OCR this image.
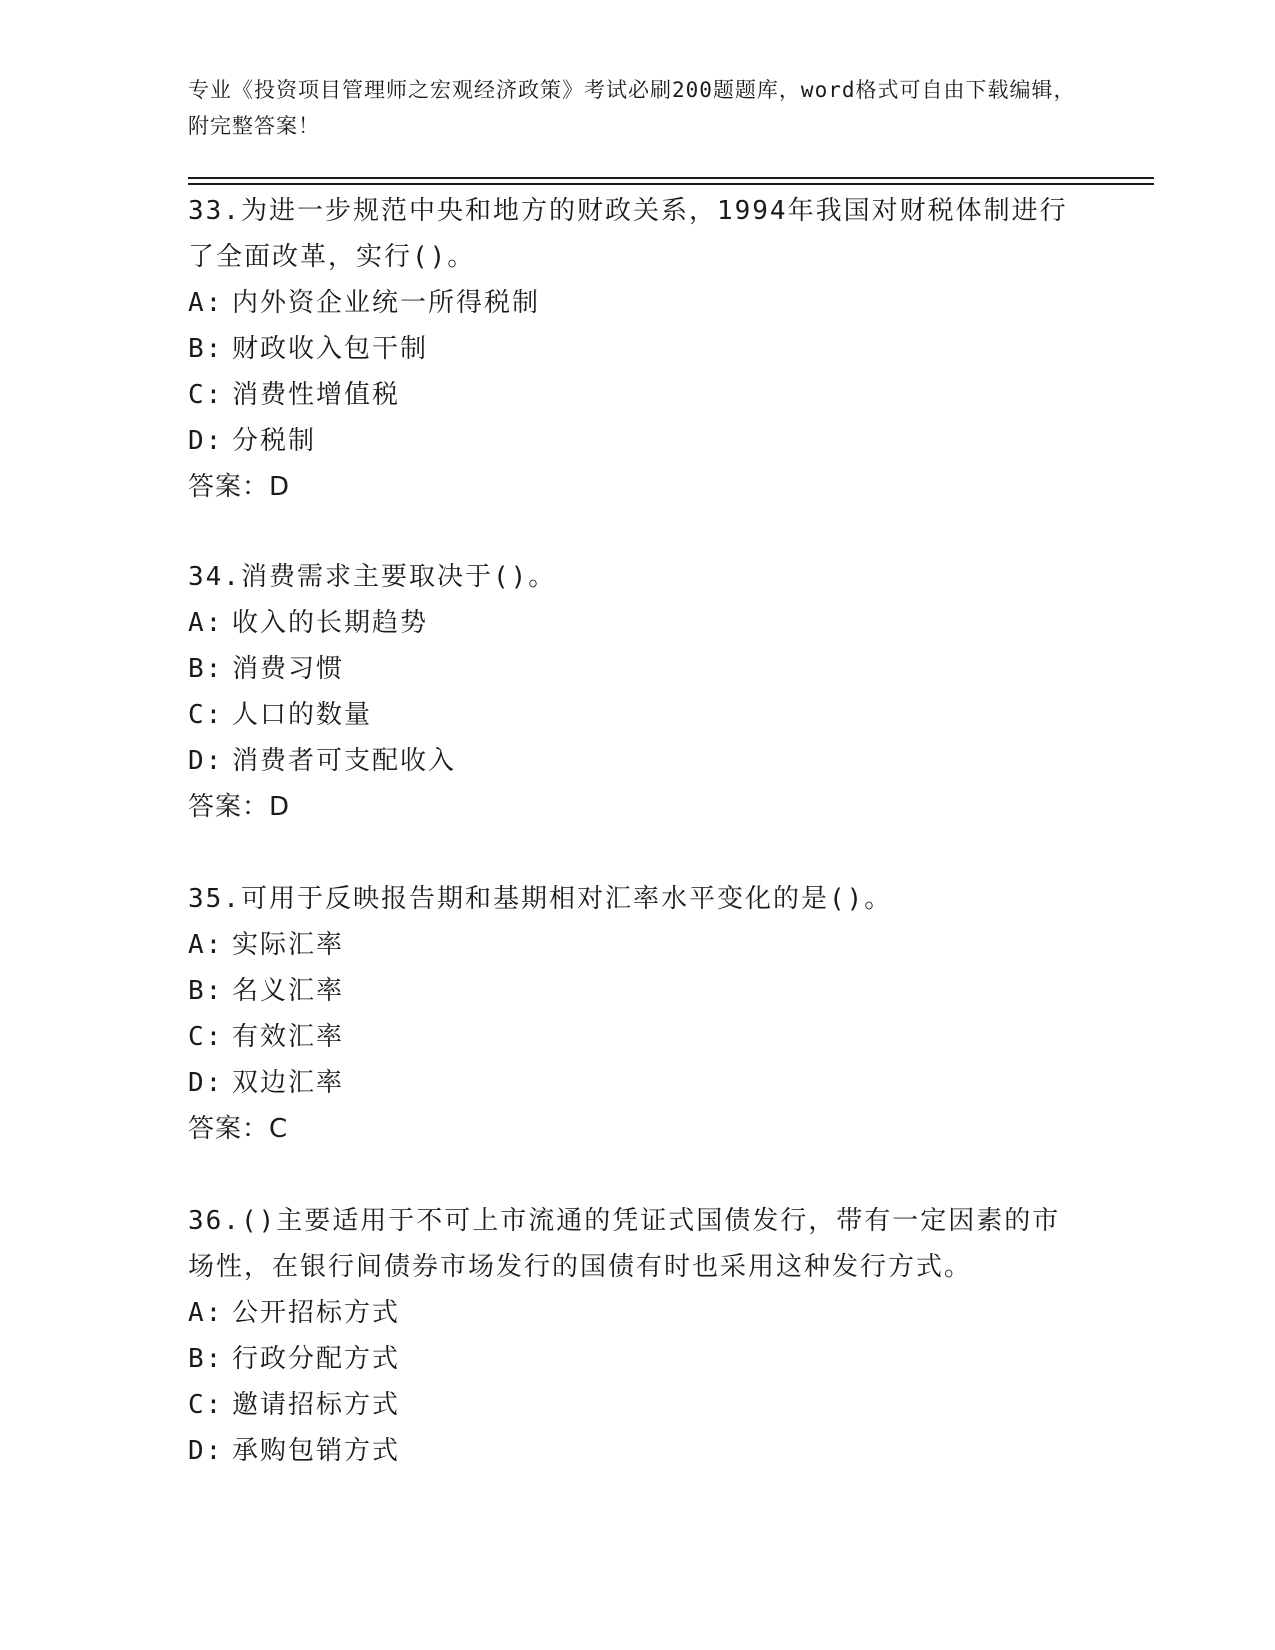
专业《投资项目管理师之宏观经济政策》考试必刷200题题库，word格式可自由下载编辑，附完整答案！
33.为进一步规范中央和地方的财政关系，1994年我国对财税体制进行了全面改革，实行()。
A: 内外资企业统一所得税制
B: 财政收入包干制
C: 消费性增值税
D: 分税制
答案：D
34.消费需求主要取决于()。
A: 收入的长期趋势
B: 消费习惯
C: 人口的数量
D: 消费者可支配收入
答案：D
35.可用于反映报告期和基期相对汇率水平变化的是()。
A: 实际汇率
B: 名义汇率
C: 有效汇率
D: 双边汇率
答案：C
36.()主要适用于不可上市流通的凭证式国债发行，带有一定因素的市场性，在银行间债券市场发行的国债有时也采用这种发行方式。
A: 公开招标方式
B: 行政分配方式
C: 邀请招标方式
D: 承购包销方式
